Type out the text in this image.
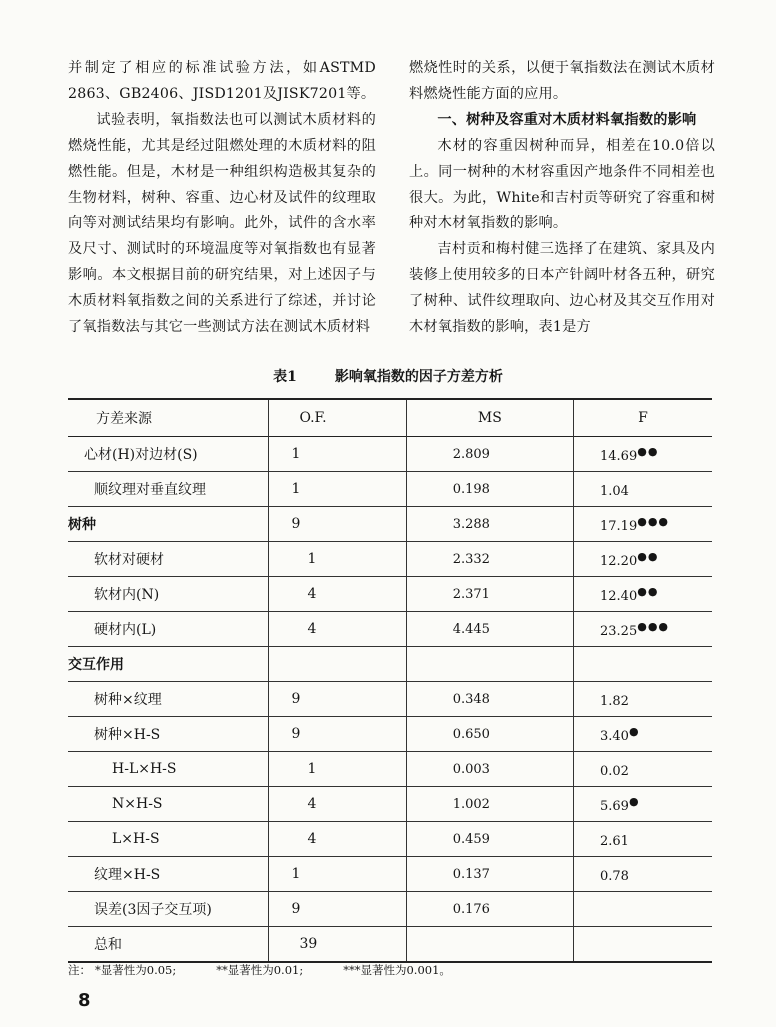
并制定了相应的标准试验方法，如ASTMD 2863、GB2406、JISD1201及JISK7201等。

试验表明，氧指数法也可以测试木质材料的燃烧性能，尤其是经过阻燃处理的木质材料的阻燃性能。但是，木材是一种组织构造极其复杂的生物材料，树种、容重、边心材及试件的纹理取向等对测试结果均有影响。此外，试件的含水率及尺寸、测试时的环境温度等对氧指数也有显著影响。本文根据目前的研究结果，对上述因子与木质材料氧指数之间的关系进行了综述，并讨论了氧指数法与其它一些测试方法在测试木质材料

燃烧性时的关系，以便于氧指数法在测试木质材料燃烧性能方面的应用。

一、树种及容重对木质材料氧指数的影响

木材的容重因树种而异，相差在10.0倍以上。同一树种的木材容重因产地条件不同相差也很大。为此，White和吉村贡等研究了容重和树种对木材氧指数的影响。

吉村贡和梅村健三选择了在建筑、家具及内装修上使用较多的日本产针阔叶材各五种，研究了树种、试件纹理取向、边心材及其交互作用对木材氧指数的影响，表1是方

表1	影响氧指数的因子方差方析
方差来源	O.F.	MS	F
心材(H)对边材(S)	1	2.809	14.69●●
顺纹理对垂直纹理	1	0.198	1.04
树种	9	3.288	17.19●●●
软材对硬材	1	2.332	12.20●●
软材内(N)	4	2.371	12.40●●
硬材内(L)	4	4.445	23.25●●●
交互作用			
树种×纹理	9	0.348	1.82
树种×H-S	9	0.650	3.40●
H-L×H-S	1	0.003	0.02
N×H-S	4	1.002	5.69●
L×H-S	4	0.459	2.61
纹理×H-S	1	0.137	0.78
误差(3因子交互项)	9	0.176	
总和	39		
注： *显著性为0.05;	**显著性为0.01;	***显著性为0.001。
8
